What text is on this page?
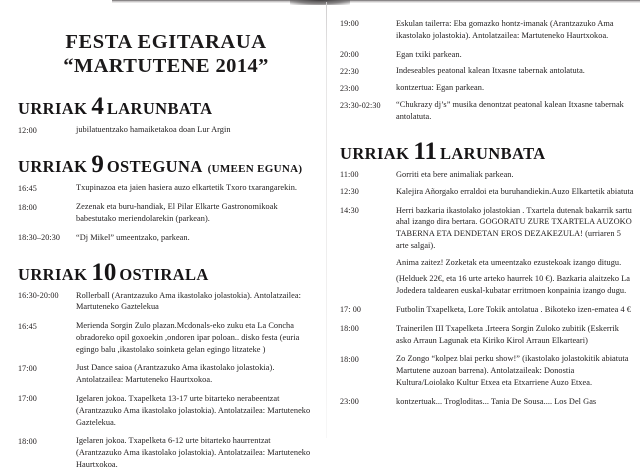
FESTA EGITARAUA
“MARTUTENE 2014”
URRIAK 4 LARUNBATA
12:00	jubilatuentzako hamaiketakoa doan Lur Argin
URRIAK 9 OSTEGUNA (UMEEN EGUNA)
16:45	Txupinazoa eta jaien hasiera auzo elkartetik Txoro txarangarekin.
18:00	Zezenak eta buru-handiak, El Pilar Elkarte Gastronomikoak babestutako meriendolarekin (parkean).
18:30–20:30	“Dj Mikel” umeentzako, parkean.
URRIAK 10 OSTIRALA
16:30-20:00	Rollerball (Arantzazuko Ama ikastolako jolastokia). Antolatzailea: Martuteneko Gaztelekua
16:45	Merienda Sorgin Zulo plazan.Mcdonals-eko zuku eta La Concha obradoreko opil goxoekin ,ondoren ipar poloan.. disko festa (euria egingo balu ,ikastolako soinketa gelan egingo litzateke )
17:00	Just Dance saioa (Arantzazuko Ama ikastolako jolastokia). Antolatzailea: Martuteneko Haurtxokoa.
17:00	Igelaren jokoa. Txapelketa 13-17 urte bitarteko nerabeentzat (Arantzazuko Ama ikastolako jolastokia). Antolatzailea: Martuteneko Gaztelekua.
18:00	Igelaren jokoa. Txapelketa 6-12 urte bitarteko haurrentzat (Arantzazuko Ama ikastolako jolastokia). Antolatzailea: Martuteneko Haurtxokoa.
19:00	Eskulan tailerra: Eba gomazko hontz-imanak (Arantzazuko Ama ikastolako jolastokia). Antolatzailea: Martuteneko Haurtxokoa.
20:00	Egan txiki parkean.
22:30	Indeseables peatonal kalean Itxasne tabernak antolatuta.
23:00	kontzertua: Egan parkean.
23:30-02:30	“Chukrazy dj’s” musika denontzat peatonal kalean Itxasne tabernak antolatuta.
URRIAK 11 LARUNBATA
11:00	Gorriti eta bere animaliak parkean.
12:30	Kalejira Añorgako erraldoi eta buruhandiekin.Auzo Elkartetik abiatuta
14:30	Herri bazkaria ikastolako jolastokian . Txartela dutenak bakarrik sartu ahal izango dira bertara. GOGORATU ZURE TXARTELA AUZOKO TABERNA ETA DENDETAN EROS DEZAKEZULA! (urriaren 5 arte salgai).
Anima zaitez! Zozketak eta umeentzako ezustekoak izango ditugu.
(Helduek 22€, eta 16 urte arteko haurrek 10 €). Bazkaria alaitzeko La Jodedera taldearen euskal-kubatar erritmoen konpainia izango dugu.
17: 00	Futbolin Txapelketa, Lore Tokik antolatua . Bikoteko izen-ematea 4 €
18:00	Trainerilen III Txapelketa .Irteera Sorgin Zuloko zubitik (Eskerrik asko Arraun Lagunak eta Kiriko Kirol Arraun Elkarteari)
18:00	Zo Zongo “kolpez blai perku show!” (ikastolako jolastokitik abiatuta Martutene auzoan barrena). Antolatzaileak: Donostia Kultura/Loiolako Kultur Etxea eta Etxarriene Auzo Etxea.
23:00	kontzertuak... Trogloditas... Tania De Sousa.... Los Del Gas
